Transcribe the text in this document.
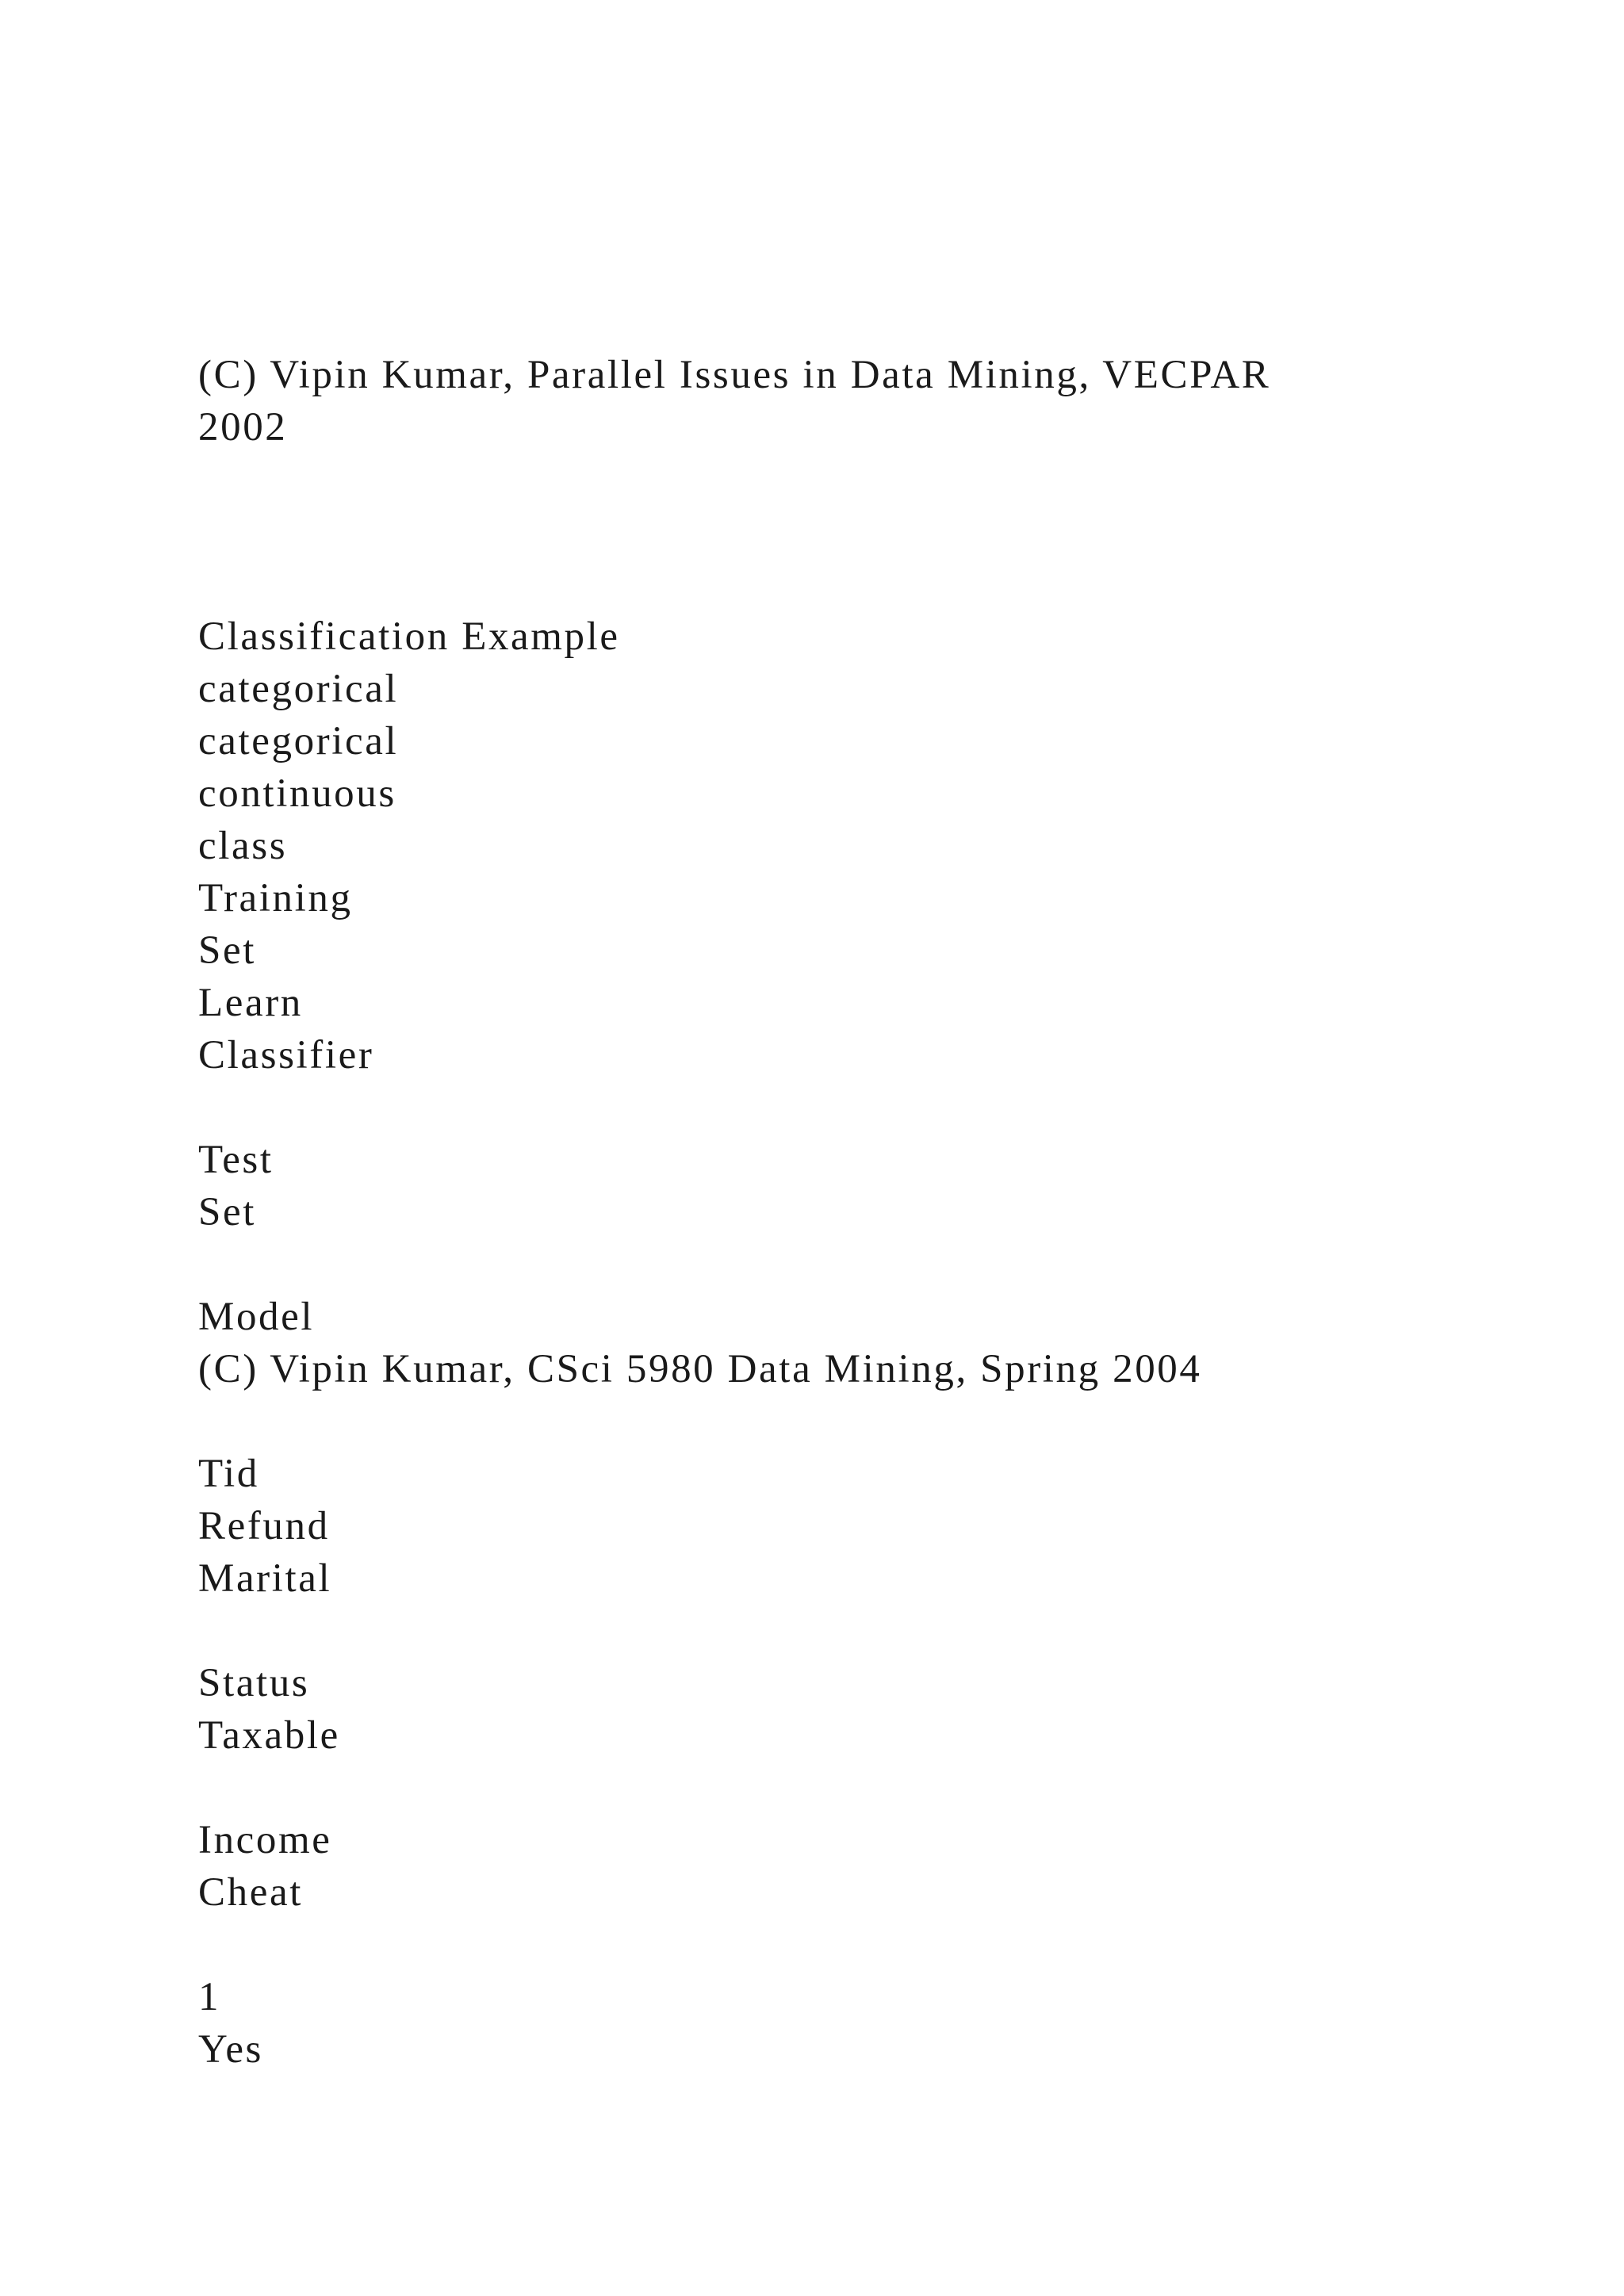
(C) Vipin Kumar, Parallel Issues in Data Mining, VECPAR
2002
Classification Example
categorical
categorical
continuous
class
Training
Set
Learn
Classifier
Test
Set
Model
(C) Vipin Kumar, CSci 5980 Data Mining, Spring 2004
Tid
Refund
Marital
Status
Taxable
Income
Cheat
1
Yes
